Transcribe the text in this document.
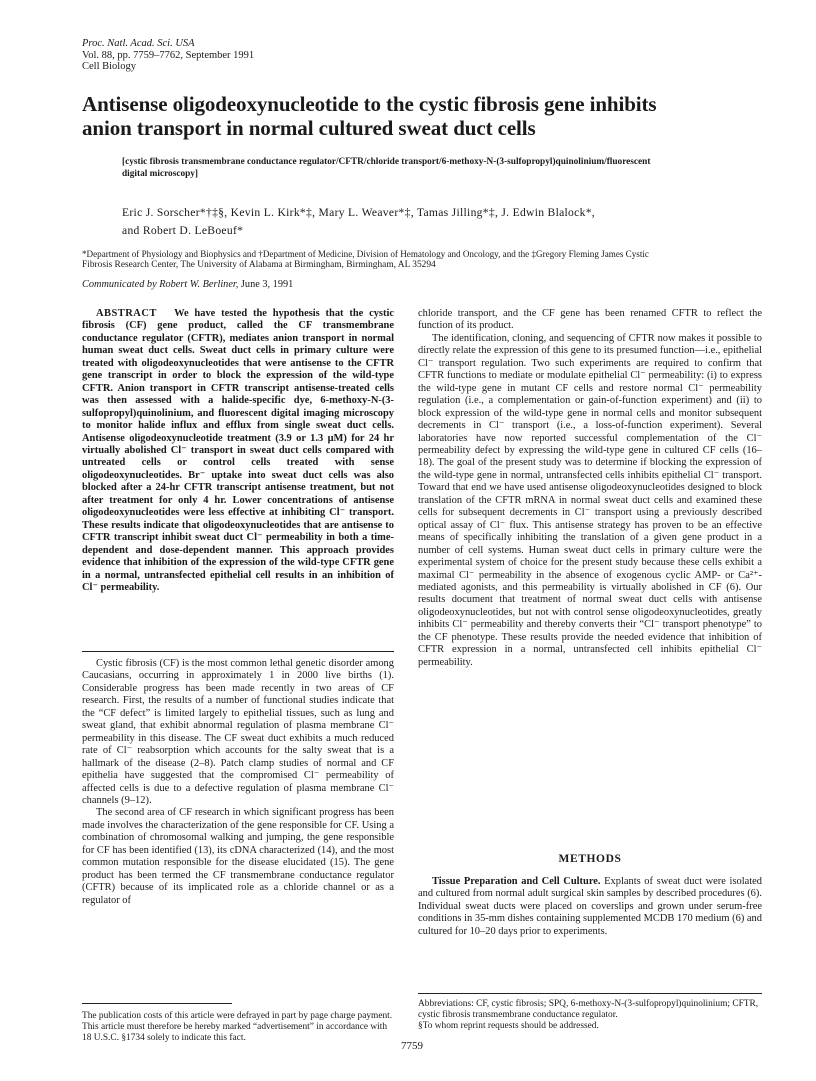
Proc. Natl. Acad. Sci. USA
Vol. 88, pp. 7759–7762, September 1991
Cell Biology
Antisense oligodeoxynucleotide to the cystic fibrosis gene inhibits
anion transport in normal cultured sweat duct cells
[cystic fibrosis transmembrane conductance regulator/CFTR/chloride transport/6-methoxy-N-(3-sulfopropyl)quinolinium/fluorescent
digital microscopy]
Eric J. Sorscher*†‡§, Kevin L. Kirk*‡, Mary L. Weaver*‡, Tamas Jilling*‡, J. Edwin Blalock*,
and Robert D. LeBoeuf*
*Department of Physiology and Biophysics and †Department of Medicine, Division of Hematology and Oncology, and the ‡Gregory Fleming James Cystic
Fibrosis Research Center, The University of Alabama at Birmingham, Birmingham, AL 35294
Communicated by Robert W. Berliner, June 3, 1991

ABSTRACT We have tested the hypothesis that the cystic fibrosis (CF) gene product, called the CF transmembrane conductance regulator (CFTR), mediates anion transport in normal human sweat duct cells. Sweat duct cells in primary culture were treated with oligodeoxynucleotides that were antisense to the CFTR gene transcript in order to block the expression of the wild-type CFTR. Anion transport in CFTR transcript antisense-treated cells was then assessed with a halide-specific dye, 6-methoxy-N-(3-sulfopropyl)quinolinium, and fluorescent digital imaging microscopy to monitor halide influx and efflux from single sweat duct cells. Antisense oligodeoxynucleotide treatment (3.9 or 1.3 μM) for 24 hr virtually abolished Cl⁻ transport in sweat duct cells compared with untreated cells or control cells treated with sense oligodeoxynucleotides. Br⁻ uptake into sweat duct cells was also blocked after a 24-hr CFTR transcript antisense treatment, but not after treatment for only 4 hr. Lower concentrations of antisense oligodeoxynucleotides were less effective at inhibiting Cl⁻ transport. These results indicate that oligodeoxynucleotides that are antisense to CFTR transcript inhibit sweat duct Cl⁻ permeability in both a time-dependent and dose-dependent manner. This approach provides evidence that inhibition of the expression of the wild-type CFTR gene in a normal, untransfected epithelial cell results in an inhibition of Cl⁻ permeability.

Cystic fibrosis (CF) is the most common lethal genetic disorder among Caucasians, occurring in approximately 1 in 2000 live births (1). Considerable progress has been made recently in two areas of CF research. First, the results of a number of functional studies indicate that the “CF defect” is limited largely to epithelial tissues, such as lung and sweat gland, that exhibit abnormal regulation of plasma membrane Cl⁻ permeability in this disease. The CF sweat duct exhibits a much reduced rate of Cl⁻ reabsorption which accounts for the salty sweat that is a hallmark of the disease (2–8). Patch clamp studies of normal and CF epithelia have suggested that the compromised Cl⁻ permeability of affected cells is due to a defective regulation of plasma membrane Cl⁻ channels (9–12).

The second area of CF research in which significant progress has been made involves the characterization of the gene responsible for CF. Using a combination of chromosomal walking and jumping, the gene responsible for CF has been identified (13), its cDNA characterized (14), and the most common mutation responsible for the disease elucidated (15). The gene product has been termed the CF transmembrane conductance regulator (CFTR) because of its implicated role as a chloride channel or as a regulator of

The publication costs of this article were defrayed in part by page charge payment. This article must therefore be hereby marked “advertisement” in accordance with 18 U.S.C. §1734 solely to indicate this fact.

chloride transport, and the CF gene has been renamed CFTR to reflect the function of its product.

The identification, cloning, and sequencing of CFTR now makes it possible to directly relate the expression of this gene to its presumed function—i.e., epithelial Cl⁻ transport regulation. Two such experiments are required to confirm that CFTR functions to mediate or modulate epithelial Cl⁻ permeability: (i) to express the wild-type gene in mutant CF cells and restore normal Cl⁻ permeability regulation (i.e., a complementation or gain-of-function experiment) and (ii) to block expression of the wild-type gene in normal cells and monitor subsequent decrements in Cl⁻ transport (i.e., a loss-of-function experiment). Several laboratories have now reported successful complementation of the Cl⁻ permeability defect by expressing the wild-type gene in cultured CF cells (16–18). The goal of the present study was to determine if blocking the expression of the wild-type gene in normal, untransfected cells inhibits epithelial Cl⁻ transport. Toward that end we have used antisense oligodeoxynucleotides designed to block translation of the CFTR mRNA in normal sweat duct cells and examined these cells for subsequent decrements in Cl⁻ transport using a previously described optical assay of Cl⁻ flux. This antisense strategy has proven to be an effective means of specifically inhibiting the translation of a given gene product in a number of cell systems. Human sweat duct cells in primary culture were the experimental system of choice for the present study because these cells exhibit a maximal Cl⁻ permeability in the absence of exogenous cyclic AMP- or Ca²⁺-mediated agonists, and this permeability is virtually abolished in CF (6). Our results document that treatment of normal sweat duct cells with antisense oligodeoxynucleotides, but not with control sense oligodeoxynucleotides, greatly inhibits Cl⁻ permeability and thereby converts their “Cl⁻ transport phenotype” to the CF phenotype. These results provide the needed evidence that inhibition of CFTR expression in a normal, untransfected cell inhibits epithelial Cl⁻ permeability.

METHODS

Tissue Preparation and Cell Culture. Explants of sweat duct were isolated and cultured from normal adult surgical skin samples by described procedures (6). Individual sweat ducts were placed on coverslips and grown under serum-free conditions in 35-mm dishes containing supplemented MCDB 170 medium (6) and cultured for 10–20 days prior to experiments.

Abbreviations: CF, cystic fibrosis; SPQ, 6-methoxy-N-(3-sulfopropyl)quinolinium; CFTR, cystic fibrosis transmembrane conductance regulator.
§To whom reprint requests should be addressed.
7759
